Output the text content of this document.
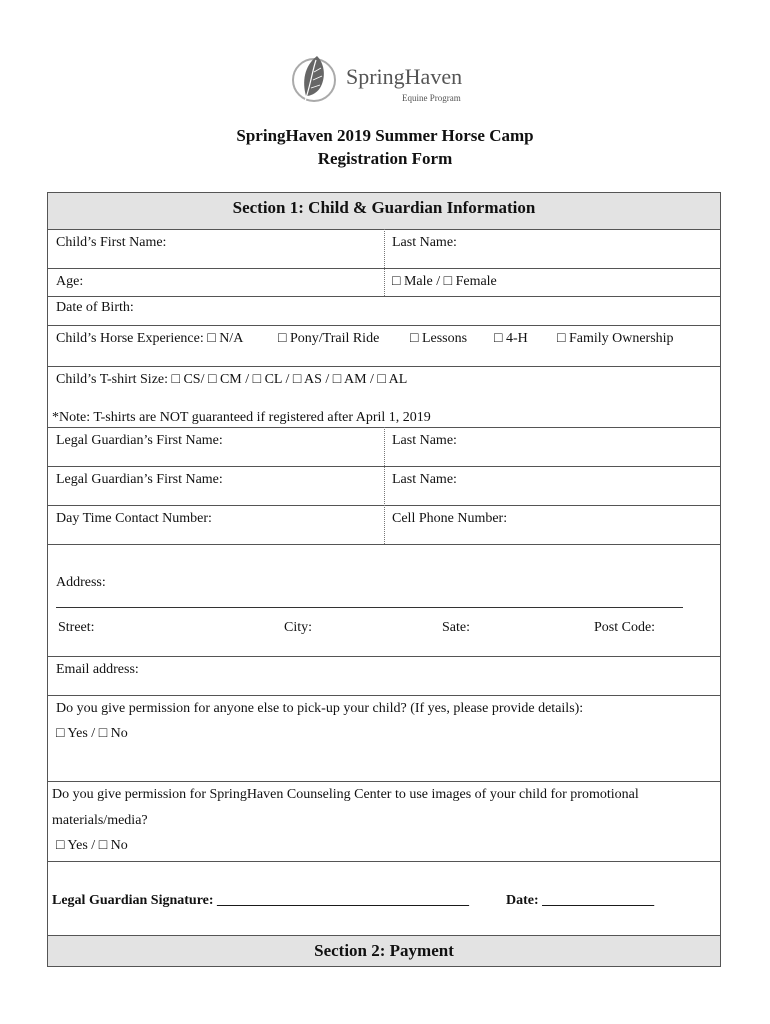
SpringHaven
Equine Program
SpringHaven 2019 Summer Horse Camp
Registration Form
Section 1: Child & Guardian Information
Child’s First Name:	Last Name:
Age:	□ Male / □ Female
Date of Birth:
Child’s Horse Experience: □ N/A □ Pony/Trail Ride □ Lessons □ 4-H □ Family Ownership
Child’s T-shirt Size: □ CS/ □ CM / □ CL / □ AS / □ AM / □ AL
*Note: T-shirts are NOT guaranteed if registered after April 1, 2019
Legal Guardian’s First Name:	Last Name:
Legal Guardian’s First Name:	Last Name:
Day Time Contact Number:	Cell Phone Number:
Address:
Street:	City:	Sate:	Post Code:
Email address:
Do you give permission for anyone else to pick-up your child? (If yes, please provide details):
□ Yes / □ No
Do you give permission for SpringHaven Counseling Center to use images of your child for promotional
materials/media?
□ Yes / □ No
Legal Guardian Signature: ____________________________________	Date: ________________
Section 2: Payment
